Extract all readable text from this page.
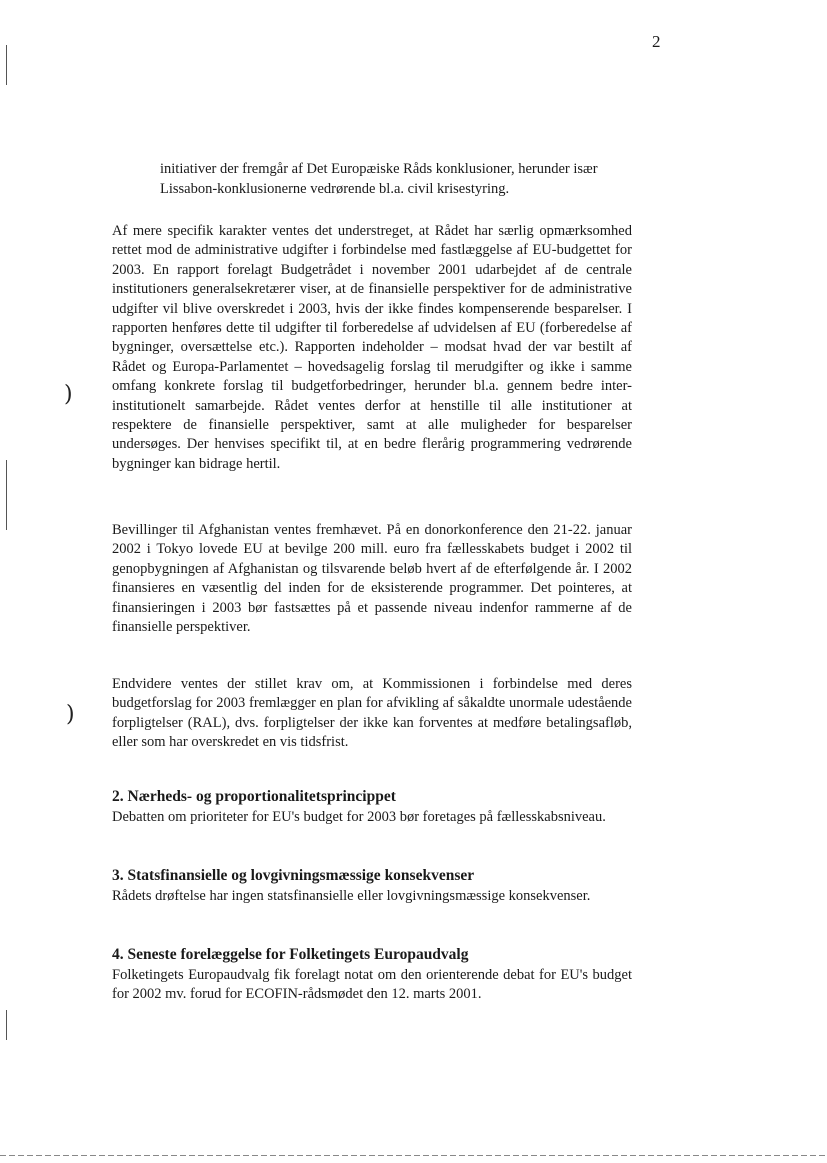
2

initiativer der fremgår af Det Europæiske Råds konklusioner, herunder især Lissabon-konklusionerne vedrørende bl.a. civil krisestyring.

Af mere specifik karakter ventes det understreget, at Rådet har særlig opmærksomhed rettet mod de administrative udgifter i forbindelse med fastlæggelse af EU-budgettet for 2003. En rapport forelagt Budgetrådet i november 2001 udarbejdet af de centrale institutioners generalsekretærer viser, at de finansielle perspektiver for de administrative udgifter vil blive overskredet i 2003, hvis der ikke findes kompenserende besparelser. I rapporten henføres dette til udgifter til forberedelse af udvidelsen af EU (forberedelse af bygninger, oversættelse etc.). Rapporten indeholder – modsat hvad der var bestilt af Rådet og Europa-Parlamentet – hovedsagelig forslag til merudgifter og ikke i samme omfang konkrete forslag til budgetforbedringer, herunder bl.a. gennem bedre inter-institutionelt samarbejde. Rådet ventes derfor at henstille til alle institutioner at respektere de finansielle perspektiver, samt at alle muligheder for besparelser undersøges. Der henvises specifikt til, at en bedre flerårig programmering vedrørende bygninger kan bidrage hertil.

Bevillinger til Afghanistan ventes fremhævet. På en donorkonference den 21-22. januar 2002 i Tokyo lovede EU at bevilge 200 mill. euro fra fællesskabets budget i 2002 til genopbygningen af Afghanistan og tilsvarende beløb hvert af de efterfølgende år. I 2002 finansieres en væsentlig del inden for de eksisterende programmer. Det pointeres, at finansieringen i 2003 bør fastsættes på et passende niveau indenfor rammerne af de finansielle perspektiver.

Endvidere ventes der stillet krav om, at Kommissionen i forbindelse med deres budgetforslag for 2003 fremlægger en plan for afvikling af såkaldte unormale udestående forpligtelser (RAL), dvs. forpligtelser der ikke kan forventes at medføre betalingsafløb, eller som har overskredet en vis tidsfrist.

2. Nærheds- og proportionalitetsprincippet
Debatten om prioriteter for EU's budget for 2003 bør foretages på fællesskabsniveau.
3. Statsfinansielle og lovgivningsmæssige konsekvenser
Rådets drøftelse har ingen statsfinansielle eller lovgivningsmæssige konsekvenser.
4. Seneste forelæggelse for Folketingets Europaudvalg
Folketingets Europaudvalg fik forelagt notat om den orienterende debat for EU's budget for 2002 mv. forud for ECOFIN-rådsmødet den 12. marts 2001.
)
)
